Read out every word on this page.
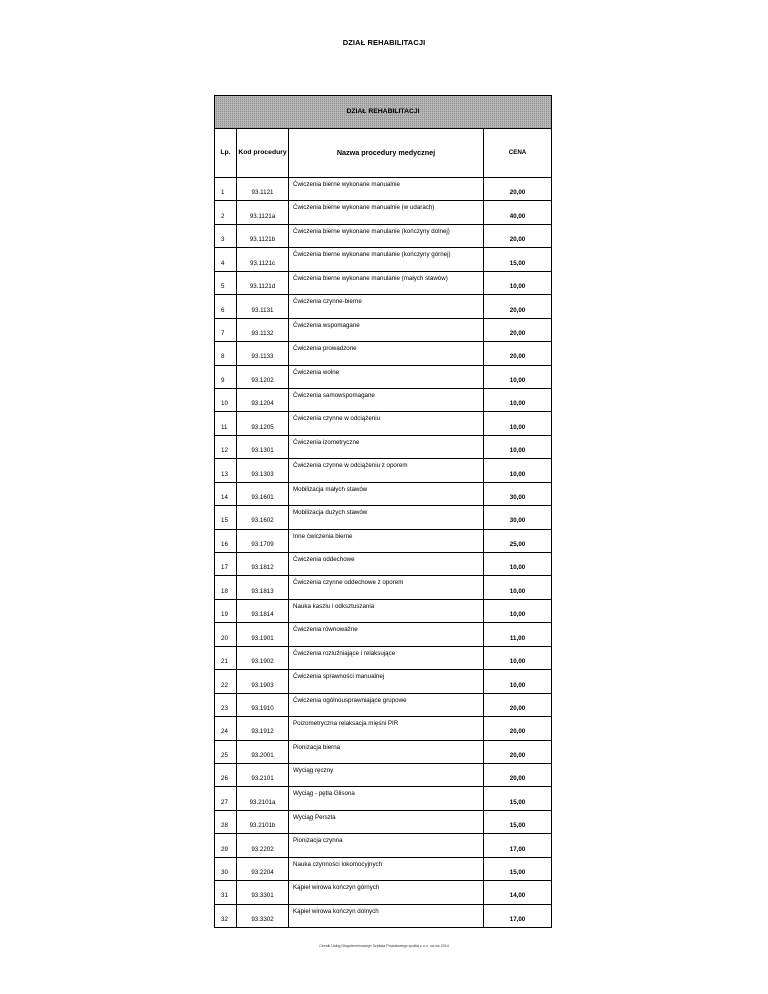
DZIAŁ REHABILITACJI
DZIAŁ REHABILITACJI			
Lp.	Kod procedury	Nazwa procedury medycznej	CENA
1	93.1121	Ćwiczenia bierne wykonane manualnie	20,00
2	93.1121a	Ćwiczenia bierne wykonane manualnie (w udarach)	40,00
3	93.1121b	Ćwiczenia bierne wykonane manulanie (kończyny dolnej)	20,00
4	93.1121c	Ćwiczenia bierne wykonane manulanie (kończyny górnej)	15,00
5	93.1121d	Ćwiczenia bierne wykonane manulanie (małych stawów)	10,00
6	93.1131	Ćwiczenia czynne-bierne	20,00
7	93.1132	Ćwiczenia wspomagane	20,00
8	93.1133	Ćwiczenia prowadzone	20,00
9	93.1202	Ćwiczenia wolne	10,00
10	93.1204	Ćwiczenia samowspomagane	10,00
11	93.1205	Ćwiczenia czynne w odciążeniu	10,00
12	93.1301	Ćwiczenia izometryczne	10,00
13	93.1303	Ćwiczenia czynne w odciążeniu z oporem	10,00
14	93.1601	Mobilizacja małych stawów	30,00
15	93.1602	Mobilizacja dużych stawów	30,00
16	93.1709	Inne ćwiczenia bierne	25,00
17	93.1812	Ćwiczenia oddechowe	10,00
18	93.1813	Ćwiczenia czynne oddechowe z oporem	10,00
19	93.1814	Nauka kaszlu i odksztuszania	10,00
20	93.1901	Ćwiczenia równoważne	11,00
21	93.1902	Ćwiczenia rozluźniające i relaksujące	10,00
22	93.1903	Ćwiczenia sprawności manualnej	10,00
23	93.1910	Ćwiczenia ogólnousprawniające grupowe	20,00
24	93.1912	Poizometryczna relaksacja mięśni PIR	20,00
25	93.2001	Pionizacja bierna	20,00
26	93.2101	Wyciąg ręczny	20,00
27	93.2101a	Wyciąg - pętla Glisona	15,00
28	93.2101b	Wyciąg Perszla	15,00
29	93.2202	Pionizacja czynna	17,00
30	93.2204	Nauka czynności lokomocyjnych	15,00
31	93.3301	Kąpiel wirowa kończyn górnych	14,00
32	93.3302	Kąpiel wirowa kończyn dolnych	17,00
Cennik Usług Długoterminowego Szpitala Powiatowego spółka z o.o. na rok 2014
